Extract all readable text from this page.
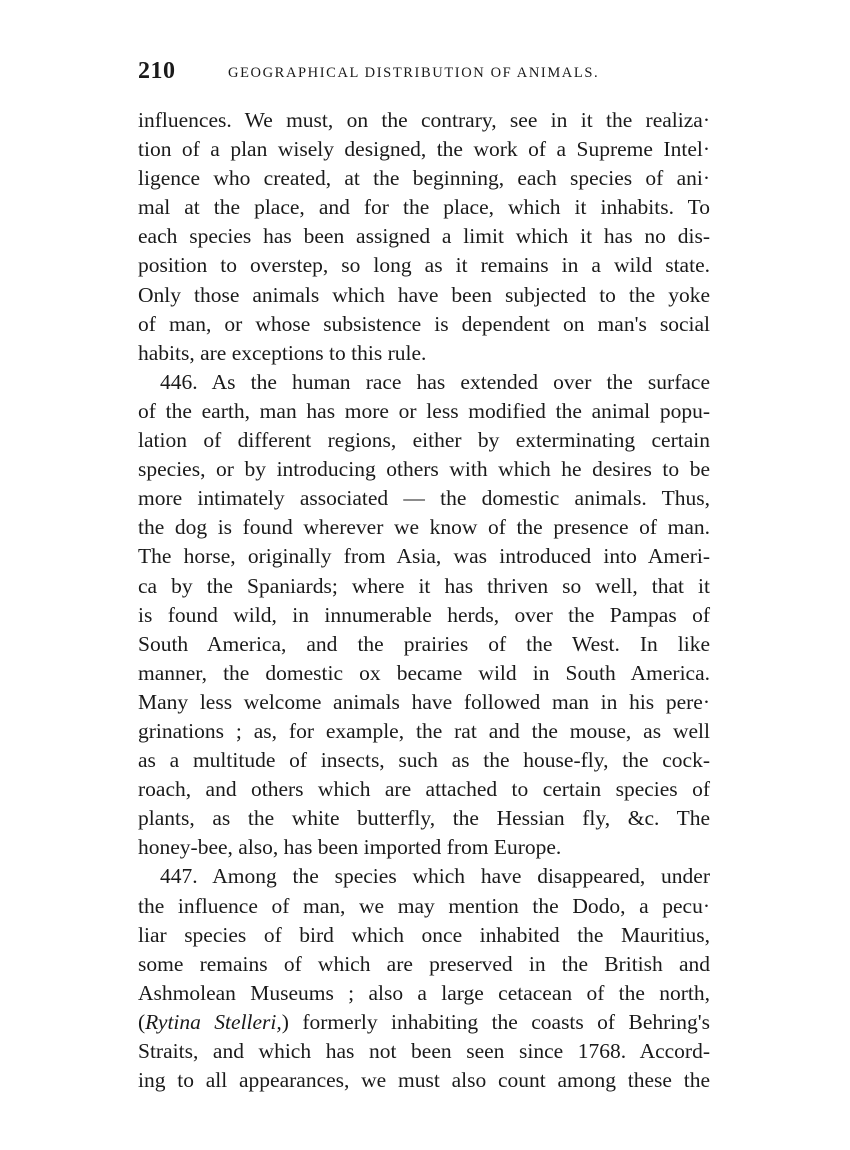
210	GEOGRAPHICAL DISTRIBUTION OF ANIMALS.
influences. We must, on the contrary, see in it the realiza·
tion of a plan wisely designed, the work of a Supreme Intel·
ligence who created, at the beginning, each species of ani·
mal at the place, and for the place, which it inhabits. To
each species has been assigned a limit which it has no dis-
position to overstep, so long as it remains in a wild state.
Only those animals which have been subjected to the yoke
of man, or whose subsistence is dependent on man's social
habits, are exceptions to this rule.
446. As the human race has extended over the surface
of the earth, man has more or less modified the animal popu-
lation of different regions, either by exterminating certain
species, or by introducing others with which he desires to be
more intimately associated — the domestic animals. Thus,
the dog is found wherever we know of the presence of man.
The horse, originally from Asia, was introduced into Ameri-
ca by the Spaniards; where it has thriven so well, that it
is found wild, in innumerable herds, over the Pampas of
South America, and the prairies of the West. In like
manner, the domestic ox became wild in South America.
Many less welcome animals have followed man in his pere·
grinations ; as, for example, the rat and the mouse, as well
as a multitude of insects, such as the house-fly, the cock-
roach, and others which are attached to certain species of
plants, as the white butterfly, the Hessian fly, &c. The
honey-bee, also, has been imported from Europe.
447. Among the species which have disappeared, under
the influence of man, we may mention the Dodo, a pecu·
liar species of bird which once inhabited the Mauritius,
some remains of which are preserved in the British and
Ashmolean Museums ; also a large cetacean of the north,
(Rytina Stelleri,) formerly inhabiting the coasts of Behring's
Straits, and which has not been seen since 1768. Accord-
ing to all appearances, we must also count among these the
